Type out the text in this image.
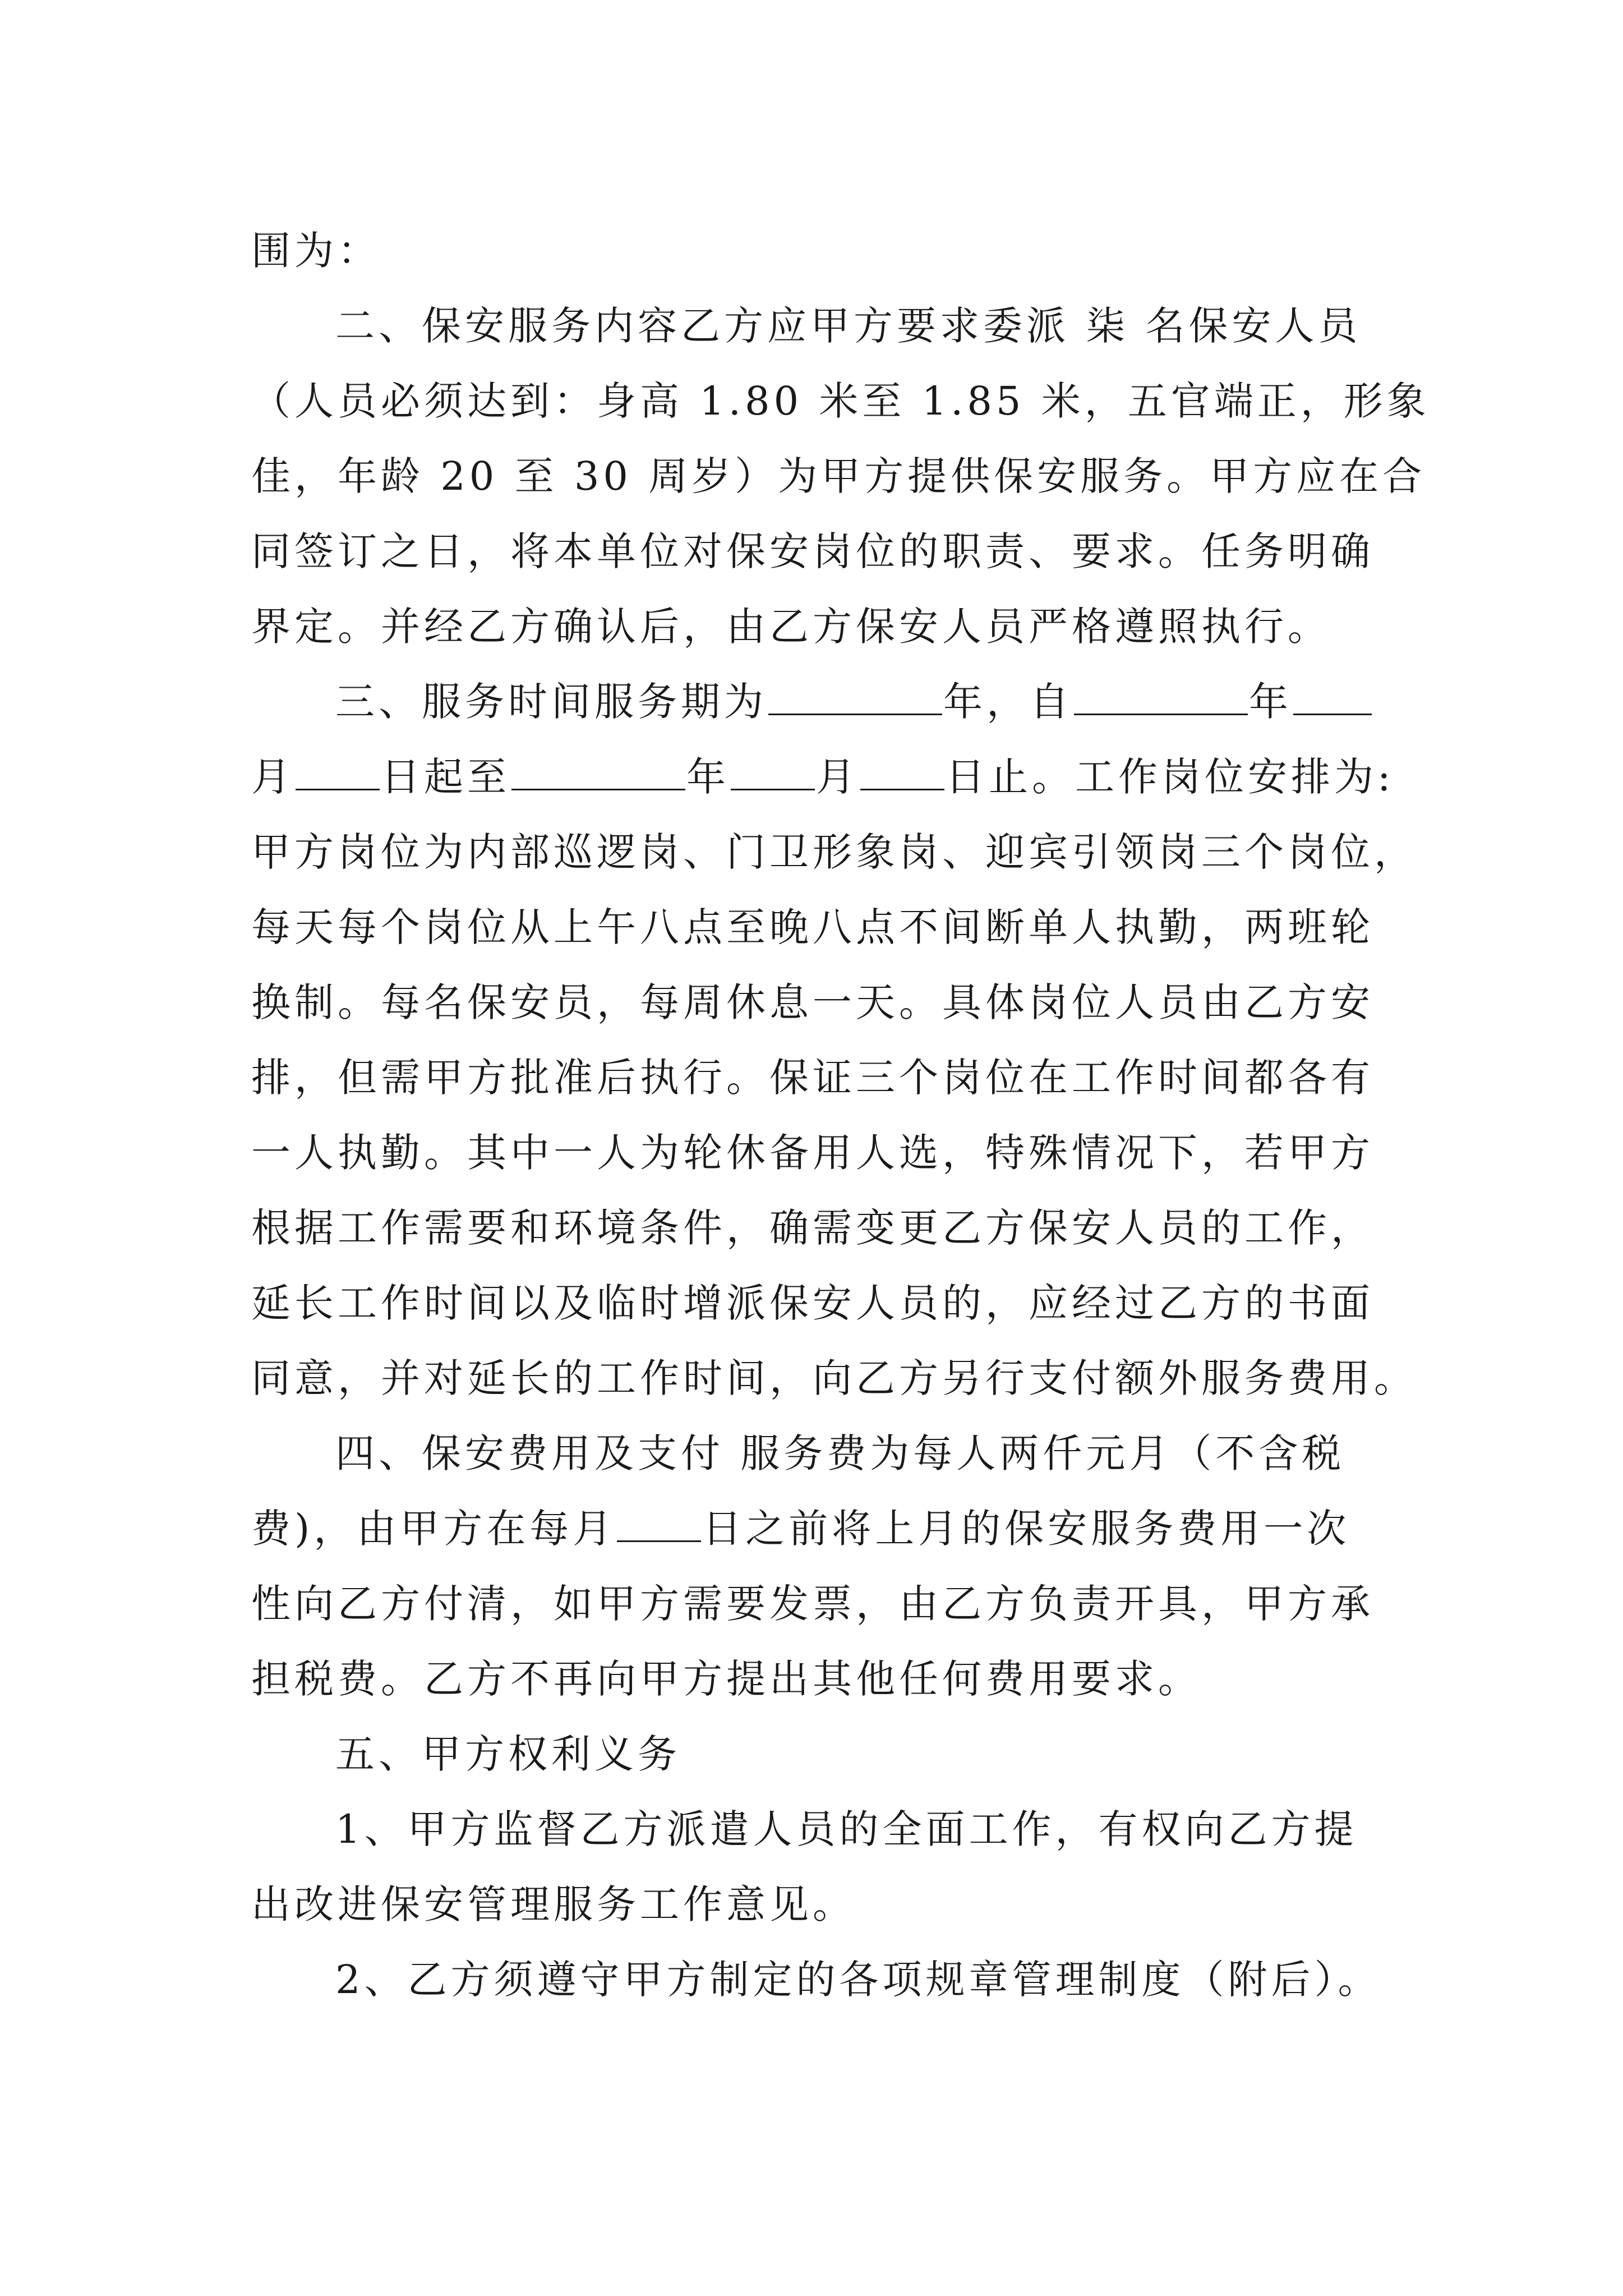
围为：
二、保安服务内容乙方应甲方要求委派 柒 名保安人员
（人员必须达到：身高 1.80 米至 1.85 米，五官端正，形象
佳，年龄 20 至 30 周岁）为甲方提供保安服务。甲方应在合
同签订之日，将本单位对保安岗位的职责、要求。任务明确
界定。并经乙方确认后，由乙方保安人员严格遵照执行。
三、服务时间服务期为	年，自	年
月 日起至	年 月 日止。工作岗位安排为:
甲方岗位为内部巡逻岗、门卫形象岗、迎宾引领岗三个岗位，
每天每个岗位从上午八点至晚八点不间断单人执勤，两班轮
换制。每名保安员，每周休息一天。具体岗位人员由乙方安
排，但需甲方批准后执行。保证三个岗位在工作时间都各有
一人执勤。其中一人为轮休备用人选，特殊情况下，若甲方
根据工作需要和环境条件，确需变更乙方保安人员的工作，
延长工作时间以及临时增派保安人员的，应经过乙方的书面
同意，并对延长的工作时间，向乙方另行支付额外服务费用。
四、保安费用及支付 服务费为每人两仟元月（不含税
费)，由甲方在每月 日之前将上月的保安服务费用一次
性向乙方付清，如甲方需要发票，由乙方负责开具，甲方承
担税费。乙方不再向甲方提出其他任何费用要求。
五、甲方权利义务
1、甲方监督乙方派遣人员的全面工作，有权向乙方提
出改进保安管理服务工作意见。
2、乙方须遵守甲方制定的各项规章管理制度（附后）。
